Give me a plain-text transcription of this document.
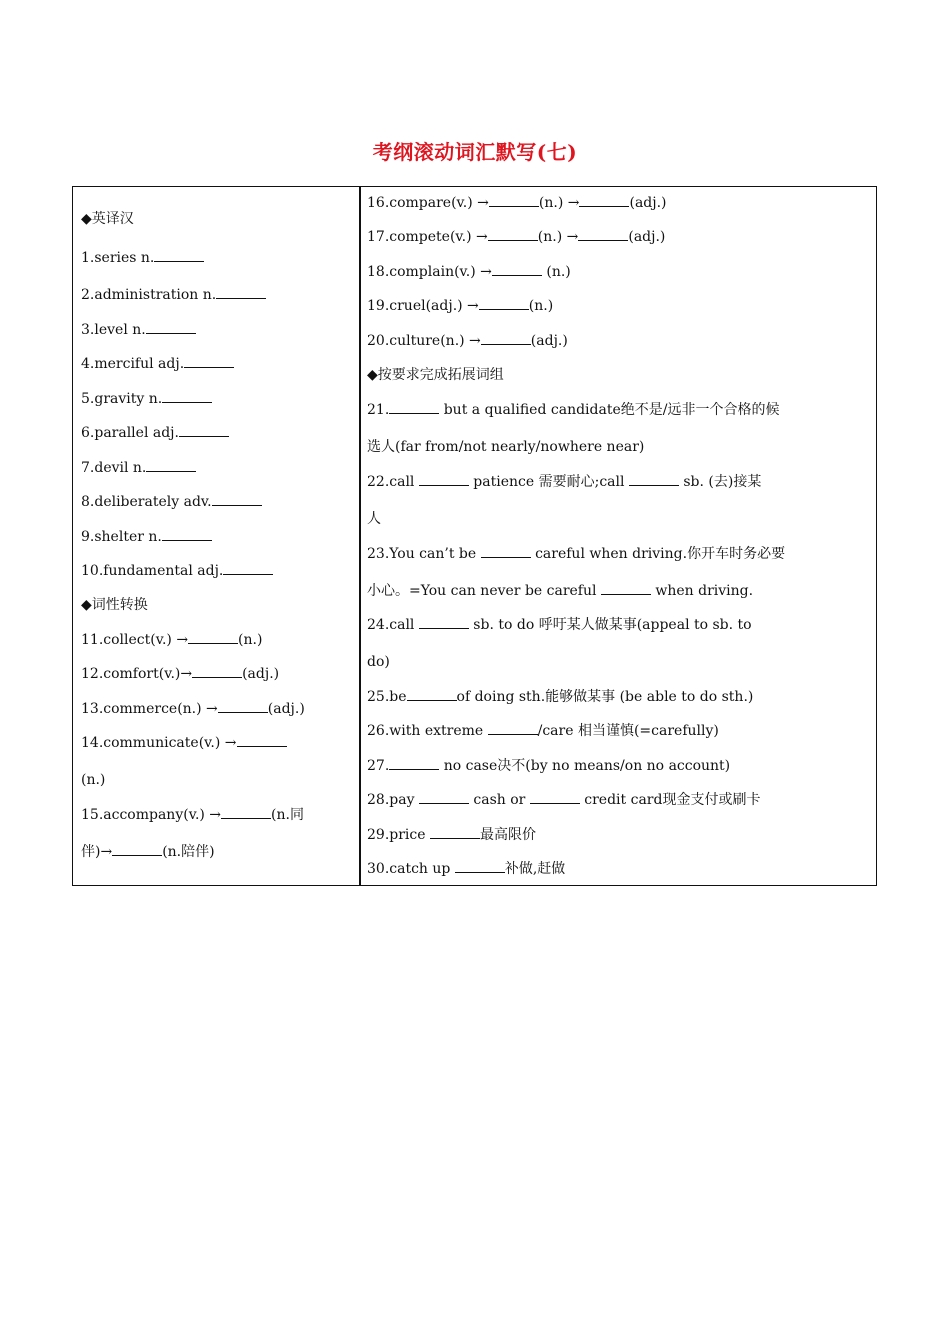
考纲滚动词汇默写(七)
◆英译汉
1.series n.
2.administration n.
3.level n.
4.merciful adj.
5.gravity n.
6.parallel adj.
7.devil n.
8.deliberately adv.
9.shelter n.
10.fundamental adj.
◆词性转换
11.collect(v.) →	(n.)
12.comfort(v.)→	(adj.)
13.commerce(n.) →	(adj.)
14.communicate(v.) →
(n.)
15.accompany(v.) →	(n.同
伴)→	(n.陪伴)
16.compare(v.) →	(n.) →	(adj.)
17.compete(v.) →	(n.) →	(adj.)
18.complain(v.) →	(n.)
19.cruel(adj.) →	(n.)
20.culture(n.) →	(adj.)
◆按要求完成拓展词组
21.	but a qualified candidate绝不是/远非一个合格的候
选人(far from/not nearly/nowhere near)
22.call	patience 需要耐心;call	sb. (去)接某
人
23.You can’t be	careful when driving.你开车时务必要
小心。=You can never be careful	when driving.
24.call	sb. to do 呼吁某人做某事(appeal to sb. to
do)
25.be	of doing sth.能够做某事 (be able to do sth.)
26.with extreme	/care 相当谨慎(=carefully)
27.	no case决不(by no means/on no account)
28.pay	cash or	credit card现金支付或刷卡
29.price	最高限价
30.catch up	补做,赶做
